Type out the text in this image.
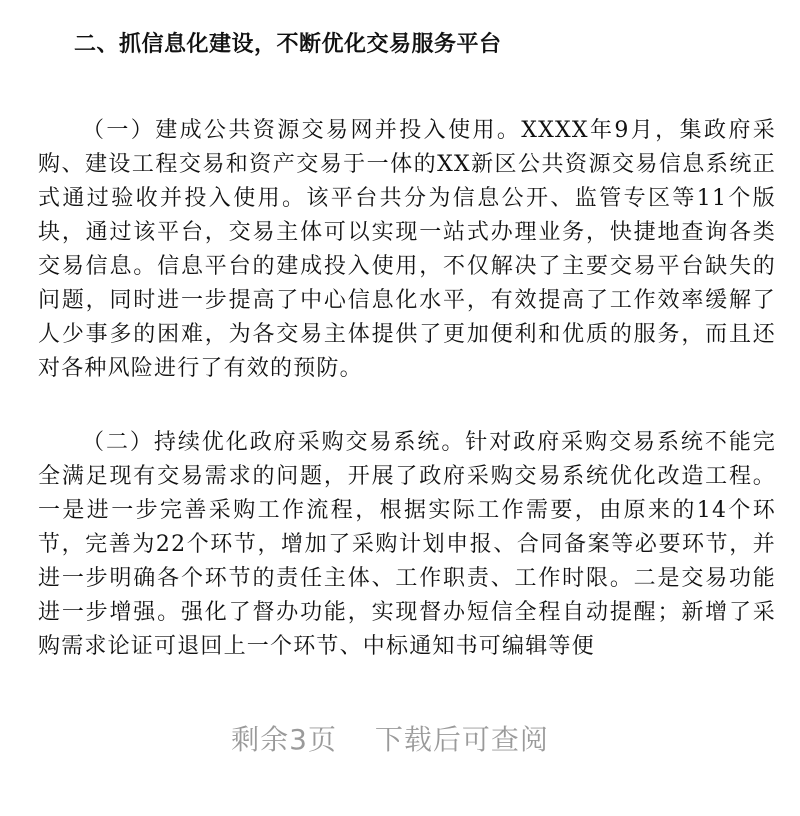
二、抓信息化建设，不断优化交易服务平台

（一）建成公共资源交易网并投入使用。XXXX年9月，集政府采购、建设工程交易和资产交易于一体的XX新区公共资源交易信息系统正式通过验收并投入使用。该平台共分为信息公开、监管专区等11个版块，通过该平台，交易主体可以实现一站式办理业务，快捷地查询各类交易信息。信息平台的建成投入使用，不仅解决了主要交易平台缺失的问题，同时进一步提高了中心信息化水平，有效提高了工作效率缓解了人少事多的困难，为各交易主体提供了更加便利和优质的服务，而且还对各种风险进行了有效的预防。

（二）持续优化政府采购交易系统。针对政府采购交易系统不能完全满足现有交易需求的问题，开展了政府采购交易系统优化改造工程。一是进一步完善采购工作流程，根据实际工作需要，由原来的14个环节，完善为22个环节，增加了采购计划申报、合同备案等必要环节，并进一步明确各个环节的责任主体、工作职责、工作时限。二是交易功能进一步增强。强化了督办功能，实现督办短信全程自动提醒；新增了采购需求论证可退回上一个环节、中标通知书可编辑等便

剩余3页 下载后可查阅
